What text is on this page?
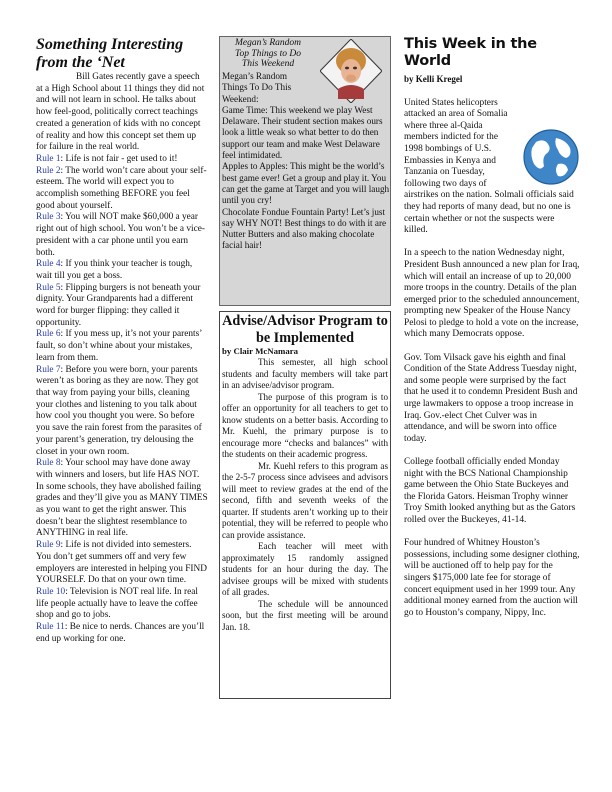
Something Interesting
from the ‘Net

Bill Gates recently gave a speech at a High School about 11 things they did not and will not learn in school. He talks about how feel-good, politically correct teachings created a generation of kids with no concept of reality and how this concept set them up for failure in the real world.

Rule 1: Life is not fair - get used to it!

Rule 2: The world won’t care about your self-esteem. The world will expect you to accomplish something BEFORE you feel good about yourself.

Rule 3: You will NOT make $60,000 a year right out of high school. You won’t be a vice-president with a car phone until you earn both.

Rule 4: If you think your teacher is tough, wait till you get a boss.

Rule 5: Flipping burgers is not beneath your dignity. Your Grandparents had a different word for burger flipping: they called it opportunity.

Rule 6: If you mess up, it’s not your parents’ fault, so don’t whine about your mistakes, learn from them.

Rule 7: Before you were born, your parents weren’t as boring as they are now. They got that way from paying your bills, cleaning your clothes and listening to you talk about how cool you thought you were. So before you save the rain forest from the parasites of your parent’s generation, try delousing the closet in your own room.

Rule 8: Your school may have done away with winners and losers, but life HAS NOT. In some schools, they have abolished failing grades and they’ll give you as MANY TIMES as you want to get the right answer. This doesn’t bear the slightest resemblance to ANYTHING in real life.

Rule 9: Life is not divided into semesters. You don’t get summers off and very few employers are interested in helping you FIND YOURSELF. Do that on your own time.

Rule 10: Television is NOT real life. In real life people actually have to leave the coffee shop and go to jobs.

Rule 11: Be nice to nerds. Chances are you’ll end up working for one.

Megan’s Random
Top Things to Do
This Weekend

Megan’s Random Things To Do This Weekend:

Game Time: This weekend we play West Delaware. Their student section makes ours look a little weak so what better to do then support our team and make West Delaware feel intimidated.

Apples to Apples: This might be the world’s best game ever! Get a group and play it. You can get the game at Target and you will laugh until you cry!

Chocolate Fondue Fountain Party! Let’s just say WHY NOT! Best things to do with it are Nutter Butters and also making chocolate facial hair!

Advise/Advisor Program to be Implemented
by Clair McNamara

This semester, all high school students and faculty members will take part in an advisee/advisor program.

The purpose of this program is to offer an opportunity for all teachers to get to know students on a better basis. According to Mr. Kuehl, the primary purpose is to encourage more “checks and balances” with the students on their academic progress.

Mr. Kuehl refers to this program as the 2-5-7 process since advisees and advisors will meet to review grades at the end of the second, fifth and seventh weeks of the quarter. If students aren’t working up to their potential, they will be referred to people who can provide assistance.

Each teacher will meet with approximately 15 randomly assigned students for an hour during the day. The advisee groups will be mixed with students of all grades.

The schedule will be announced soon, but the first meeting will be around Jan. 18.

This Week in the World
by Kelli Kregel

United States helicopters attacked an area of Somalia where three al-Qaida members indicted for the 1998 bombings of U.S. Embassies in Kenya and Tanzania on Tuesday, following two days of airstrikes on the nation. Solmali officials said they had reports of many dead, but no one is certain whether or not the suspects were killed.

In a speech to the nation Wednesday night, President Bush announced a new plan for Iraq, which will entail an increase of up to 20,000 more troops in the country. Details of the plan emerged prior to the scheduled announcement, prompting new Speaker of the House Nancy Pelosi to pledge to hold a vote on the increase, which many Democrats oppose.

Gov. Tom Vilsack gave his eighth and final Condition of the State Address Tuesday night, and some people were surprised by the fact that he used it to condemn President Bush and urge lawmakers to oppose a troop increase in Iraq. Gov.-elect Chet Culver was in attendance, and will be sworn into office today.

College football officially ended Monday night with the BCS National Championship game between the Ohio State Buckeyes and the Florida Gators. Heisman Trophy winner Troy Smith looked anything but as the Gators rolled over the Buckeyes, 41-14.

Four hundred of Whitney Houston’s possessions, including some designer clothing, will be auctioned off to help pay for the singers $175,000 late fee for storage of concert equipment used in her 1999 tour. Any additional money earned from the auction will go to Houston’s company, Nippy, Inc.
